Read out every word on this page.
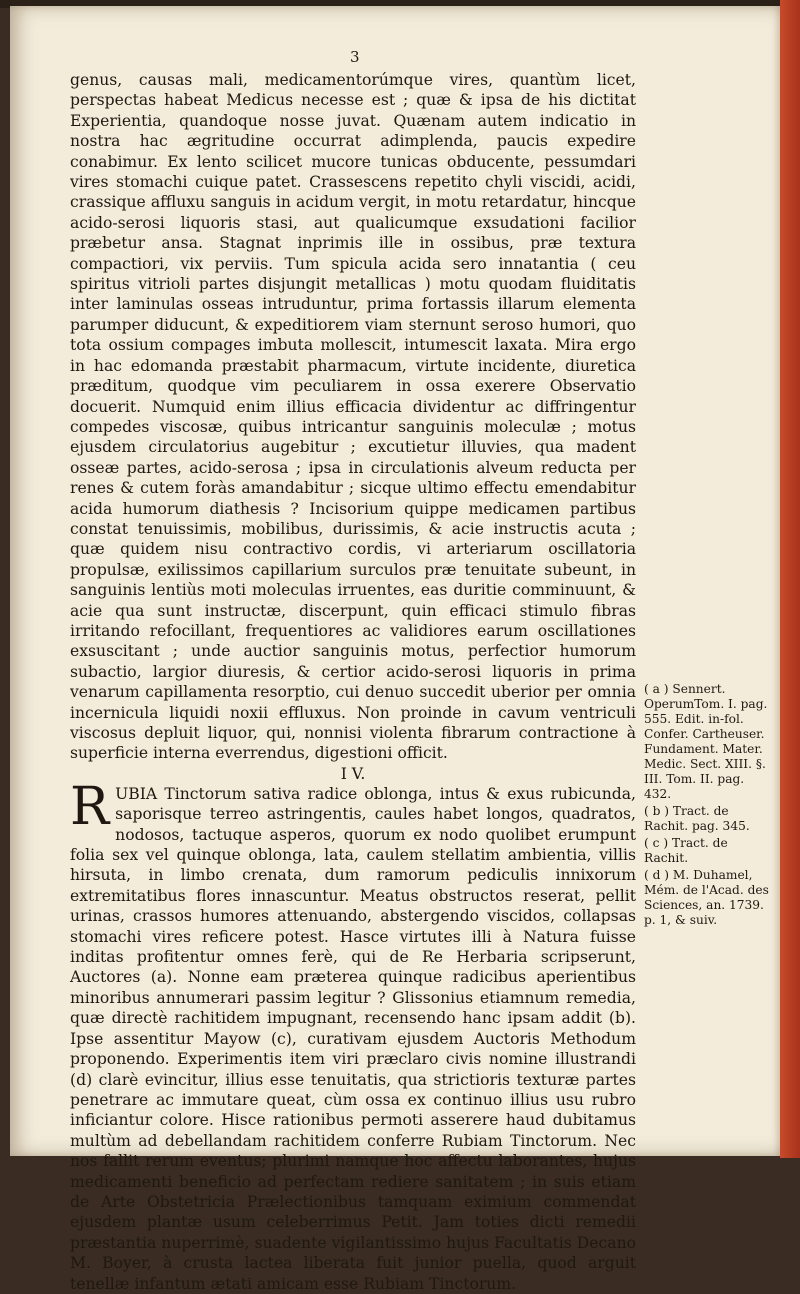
3

genus, causas mali, medicamentorúmque vires, quantùm licet, perspectas habeat Medicus necesse est ; quæ & ipsa de his dictitat Experientia, quandoque nosse juvat. Quænam autem indicatio in nostra hac ægritudine occurrat adimplenda, paucis expedire conabimur. Ex lento scilicet mucore tunicas obducente, pessumdari vires stomachi cuique patet. Crassescens repetito chyli viscidi, acidi, crassique affluxu sanguis in acidum vergit, in motu retardatur, hincque acido-serosi liquoris stasi, aut qualicumque exsudationi facilior præbetur ansa. Stagnat inprimis ille in ossibus, præ textura compactiori, vix perviis. Tum spicula acida sero innatantia ( ceu spiritus vitrioli partes disjungit metallicas ) motu quodam fluiditatis inter laminulas osseas intruduntur, prima fortassis illarum elementa parumper diducunt, & expeditiorem viam sternunt seroso humori, quo tota ossium compages imbuta mollescit, intumescit laxata. Mira ergo in hac edomanda præstabit pharmacum, virtute incidente, diuretica præditum, quodque vim peculiarem in ossa exerere Observatio docuerit. Numquid enim illius efficacia dividentur ac diffringentur compedes viscosæ, quibus intricantur sanguinis moleculæ ; motus ejusdem circulatorius augebitur ; excutietur illuvies, qua madent osseæ partes, acido-serosa ; ipsa in circulationis alveum reducta per renes & cutem foràs amandabitur ; sicque ultimo effectu emendabitur acida humorum diathesis ? Incisorium quippe medicamen partibus constat tenuissimis, mobilibus, durissimis, & acie instructis acuta ; quæ quidem nisu contractivo cordis, vi arteriarum oscillatoria propulsæ, exilissimos capillarium surculos præ tenuitate subeunt, in sanguinis lentiùs moti moleculas irruentes, eas duritie comminuunt, & acie qua sunt instructæ, discerpunt, quin efficaci stimulo fibras irritando refocillant, frequentiores ac validiores earum oscillationes exsuscitant ; unde auctior sanguinis motus, perfectior humorum subactio, largior diuresis, & certior acido-serosi liquoris in prima venarum capillamenta resorptio, cui denuo succedit uberior per omnia incernicula liquidi noxii effluxus. Non proinde in cavum ventriculi viscosus depluit liquor, qui, nonnisi violenta fibrarum contractione à superficie interna everrendus, digestioni officit.

I V.

RUBIA Tinctorum sativa radice oblonga, intus & exus rubicunda, saporisque terreo astringentis, caules habet longos, quadratos, nodosos, tactuque asperos, quorum ex nodo quolibet erumpunt folia sex vel quinque oblonga, lata, caulem stellatim ambientia, villis hirsuta, in limbo crenata, dum ramorum pediculis innixorum extremitatibus flores innascuntur. Meatus obstructos reserat, pellit urinas, crassos humores attenuando, abstergendo viscidos, collapsas stomachi vires reficere potest. Hasce virtutes illi à Natura fuisse inditas profitentur omnes ferè, qui de Re Herbaria scripserunt, Auctores (a). Nonne eam præterea quinque radicibus aperientibus minoribus annumerari passim legitur ? Glissonius etiamnum remedia, quæ directè rachitidem impugnant, recensendo hanc ipsam addit (b). Ipse assentitur Mayow (c), curativam ejusdem Auctoris Methodum proponendo. Experimentis item viri præclaro civis nomine illustrandi (d) clarè evincitur, illius esse tenuitatis, qua strictioris texturæ partes penetrare ac immutare queat, cùm ossa ex continuo illius usu rubro inficiantur colore. Hisce rationibus permoti asserere haud dubitamus multùm ad debellandam rachitidem conferre Rubiam Tinctorum. Nec nos fallit rerum eventus; plurimi namque hoc affectu laborantes, hujus medicamenti beneficio ad perfectam rediere sanitatem ; in suis etiam de Arte Obstetricia Prælectionibus tamquam eximium commendat ejusdem plantæ usum celeberrimus Petit. Jam toties dicti remedii præstantia nuperrimè, suadente vigilantissimo hujus Facultatis Decano M. Boyer, à crusta lactea liberata fuit junior puella, quod arguit tenellæ infantum ætati amicam esse Rubiam Tinctorum.

( a ) Sennert. OperumTom. I. pag. 555. Edit. in-fol. Confer. Cartheuser. Fundament. Mater. Medic. Sect. XIII. §. III. Tom. II. pag. 432.
( b ) Tract. de Rachit. pag. 345.
( c ) Tract. de Rachit.
( d ) M. Duhamel, Mém. de l'Acad. des Sciences, an. 1739. p. 1, & suiv.
